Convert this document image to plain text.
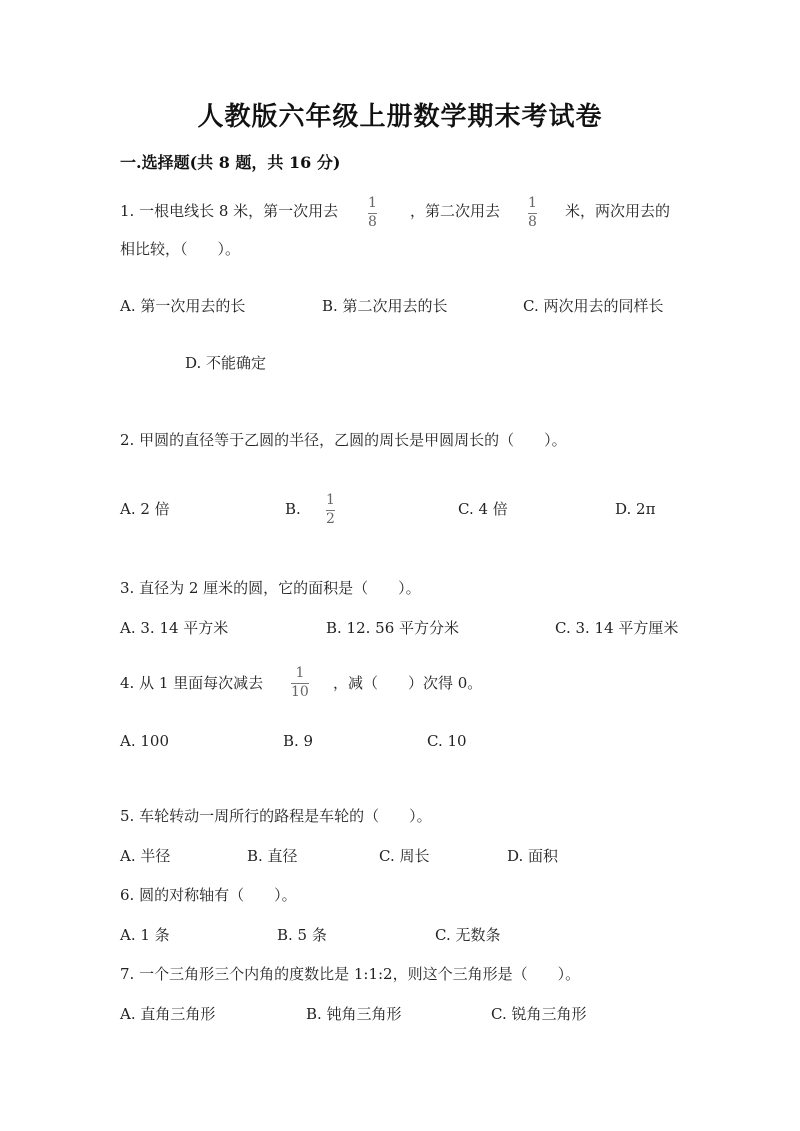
人教版六年级上册数学期末考试卷
一.选择题(共 8 题，共 16 分)
1. 一根电线长 8 米，第一次用去 1
8
，第二次用去 1
8
米，两次用去的
相比较，（　　）。
A. 第一次用去的长	B. 第二次用去的长	C. 两次用去的同样长
D. 不能确定
2. 甲圆的直径等于乙圆的半径，乙圆的周长是甲圆周长的（　　）。
A. 2 倍	B. 1
2
C. 4 倍	D. 2π
3. 直径为 2 厘米的圆，它的面积是（　　）。
A. 3. 14 平方米	B. 12. 56 平方分米	C. 3. 14 平方厘米
4. 从 1 里面每次减去
1
10 ，减（　　）次得 0。
A. 100	B. 9	C. 10
5. 车轮转动一周所行的路程是车轮的（　　）。
A. 半径	B. 直径	C. 周长	D. 面积
6. 圆的对称轴有（　　）。
A. 1 条	B. 5 条	C. 无数条
7. 一个三角形三个内角的度数比是 1:1:2，则这个三角形是（　　）。
A. 直角三角形	B. 钝角三角形	C. 锐角三角形
